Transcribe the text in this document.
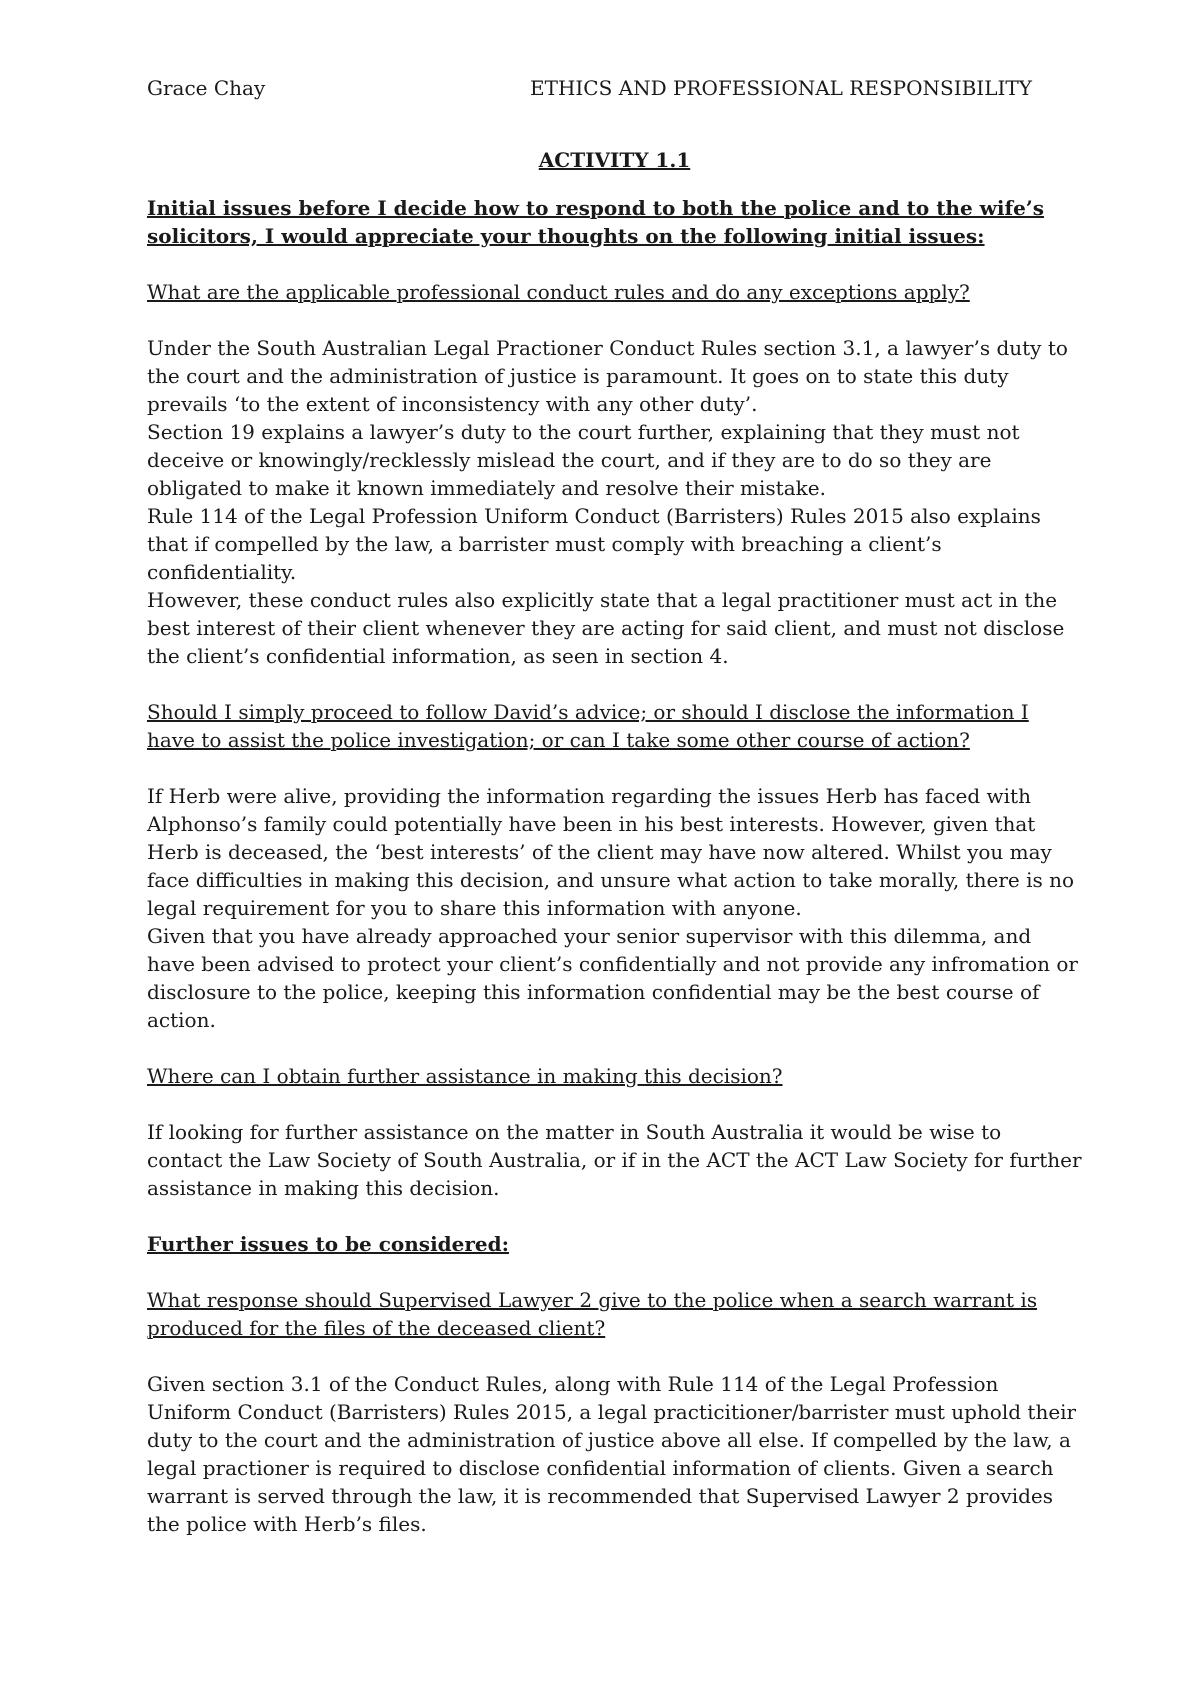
Grace Chay	ETHICS AND PROFESSIONAL RESPONSIBILITY
ACTIVITY 1.1
Initial issues before I decide how to respond to both the police and to the wife’s solicitors, I would appreciate your thoughts on the following initial issues:
What are the applicable professional conduct rules and do any exceptions apply?

Under the South Australian Legal Practioner Conduct Rules section 3.1, a lawyer’s duty to the court and the administration of justice is paramount. It goes on to state this duty prevails ‘to the extent of inconsistency with any other duty’.

Section 19 explains a lawyer’s duty to the court further, explaining that they must not deceive or knowingly/recklessly mislead the court, and if they are to do so they are obligated to make it known immediately and resolve their mistake.

Rule 114 of the Legal Profession Uniform Conduct (Barristers) Rules 2015 also explains that if compelled by the law, a barrister must comply with breaching a client’s confidentiality.

However, these conduct rules also explicitly state that a legal practitioner must act in the best interest of their client whenever they are acting for said client, and must not disclose the client’s confidential information, as seen in section 4.

Should I simply proceed to follow David’s advice; or should I disclose the information I have to assist the police investigation; or can I take some other course of action?

If Herb were alive, providing the information regarding the issues Herb has faced with Alphonso’s family could potentially have been in his best interests. However, given that Herb is deceased, the ‘best interests’ of the client may have now altered. Whilst you may face difficulties in making this decision, and unsure what action to take morally, there is no legal requirement for you to share this information with anyone.

Given that you have already approached your senior supervisor with this dilemma, and have been advised to protect your client’s confidentially and not provide any infromation or disclosure to the police, keeping this information confidential may be the best course of action.

Where can I obtain further assistance in making this decision?

If looking for further assistance on the matter in South Australia it would be wise to contact the Law Society of South Australia, or if in the ACT the ACT Law Society for further assistance in making this decision.

Further issues to be considered:
What response should Supervised Lawyer 2 give to the police when a search warrant is produced for the files of the deceased client?

Given section 3.1 of the Conduct Rules, along with Rule 114 of the Legal Profession Uniform Conduct (Barristers) Rules 2015, a legal practicitioner/barrister must uphold their duty to the court and the administration of justice above all else. If compelled by the law, a legal practioner is required to disclose confidential information of clients. Given a search warrant is served through the law, it is recommended that Supervised Lawyer 2 provides the police with Herb’s files.
